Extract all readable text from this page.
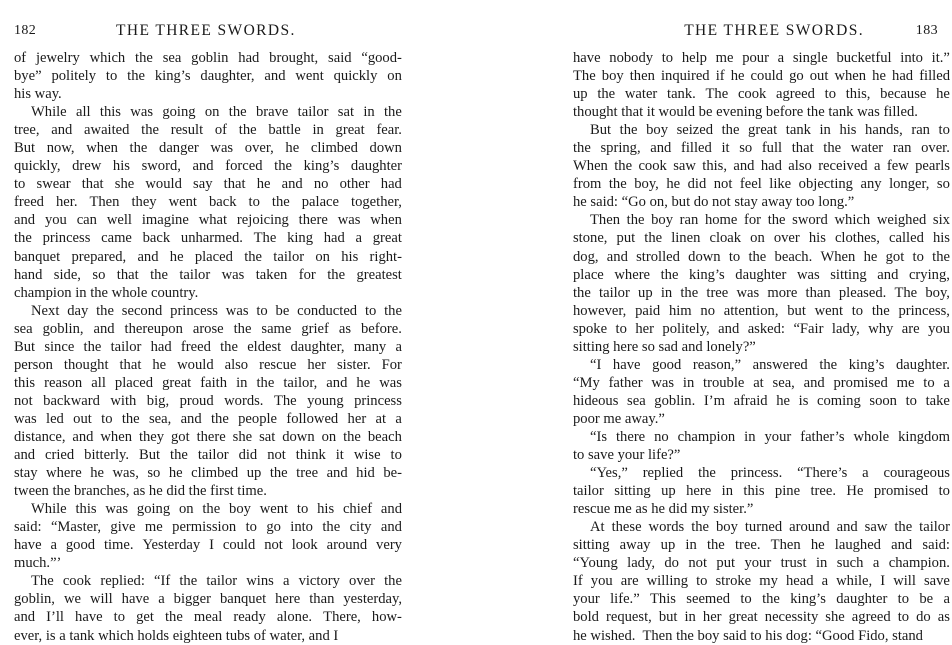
182	THE THREE SWORDS.

of jewelry which the sea goblin had brought, said “good-
bye” politely to the king’s daughter, and went quickly on
his way.

While all this was going on the brave tailor sat in the
tree, and awaited the result of the battle in great fear.
But now, when the danger was over, he climbed down
quickly, drew his sword, and forced the king’s daughter
to swear that she would say that he and no other had
freed her. Then they went back to the palace together,
and you can well imagine what rejoicing there was when
the princess came back unharmed. The king had a great
banquet prepared, and he placed the tailor on his right-
hand side, so that the tailor was taken for the greatest
champion in the whole country.

Next day the second princess was to be conducted to the
sea goblin, and thereupon arose the same grief as before.
But since the tailor had freed the eldest daughter, many a
person thought that he would also rescue her sister. For
this reason all placed great faith in the tailor, and he was
not backward with big, proud words. The young princess
was led out to the sea, and the people followed her at a
distance, and when they got there she sat down on the beach
and cried bitterly. But the tailor did not think it wise to
stay where he was, so he climbed up the tree and hid be-
tween the branches, as he did the first time.

While this was going on the boy went to his chief and
said: “Master, give me permission to go into the city and
have a good time. Yesterday I could not look around very
much.”’

The cook replied: “If the tailor wins a victory over the
goblin, we will have a bigger banquet here than yesterday,
and I’ll have to get the meal ready alone. There, how-
ever, is a tank which holds eighteen tubs of water, and I

THE THREE SWORDS.	183

have nobody to help me pour a single bucketful into it.”
The boy then inquired if he could go out when he had filled
up the water tank. The cook agreed to this, because he
thought that it would be evening before the tank was filled.

But the boy seized the great tank in his hands, ran to
the spring, and filled it so full that the water ran over.
When the cook saw this, and had also received a few pearls
from the boy, he did not feel like objecting any longer, so
he said: “Go on, but do not stay away too long.”

Then the boy ran home for the sword which weighed six
stone, put the linen cloak on over his clothes, called his
dog, and strolled down to the beach. When he got to the
place where the king’s daughter was sitting and crying,
the tailor up in the tree was more than pleased. The boy,
however, paid him no attention, but went to the princess,
spoke to her politely, and asked: “Fair lady, why are you
sitting here so sad and lonely?”

“I have good reason,” answered the king’s daughter.
“My father was in trouble at sea, and promised me to a
hideous sea goblin. I’m afraid he is coming soon to take
poor me away.”

“Is there no champion in your father’s whole kingdom
to save your life?”

“Yes,” replied the princess. “There’s a courageous
tailor sitting up here in this pine tree. He promised to
rescue me as he did my sister.”

At these words the boy turned around and saw the tailor
sitting away up in the tree. Then he laughed and said:
“Young lady, do not put your trust in such a champion.
If you are willing to stroke my head a while, I will save
your life.” This seemed to the king’s daughter to be a
bold request, but in her great necessity she agreed to do as
he wished.  Then the boy said to his dog: “Good Fido, stand
